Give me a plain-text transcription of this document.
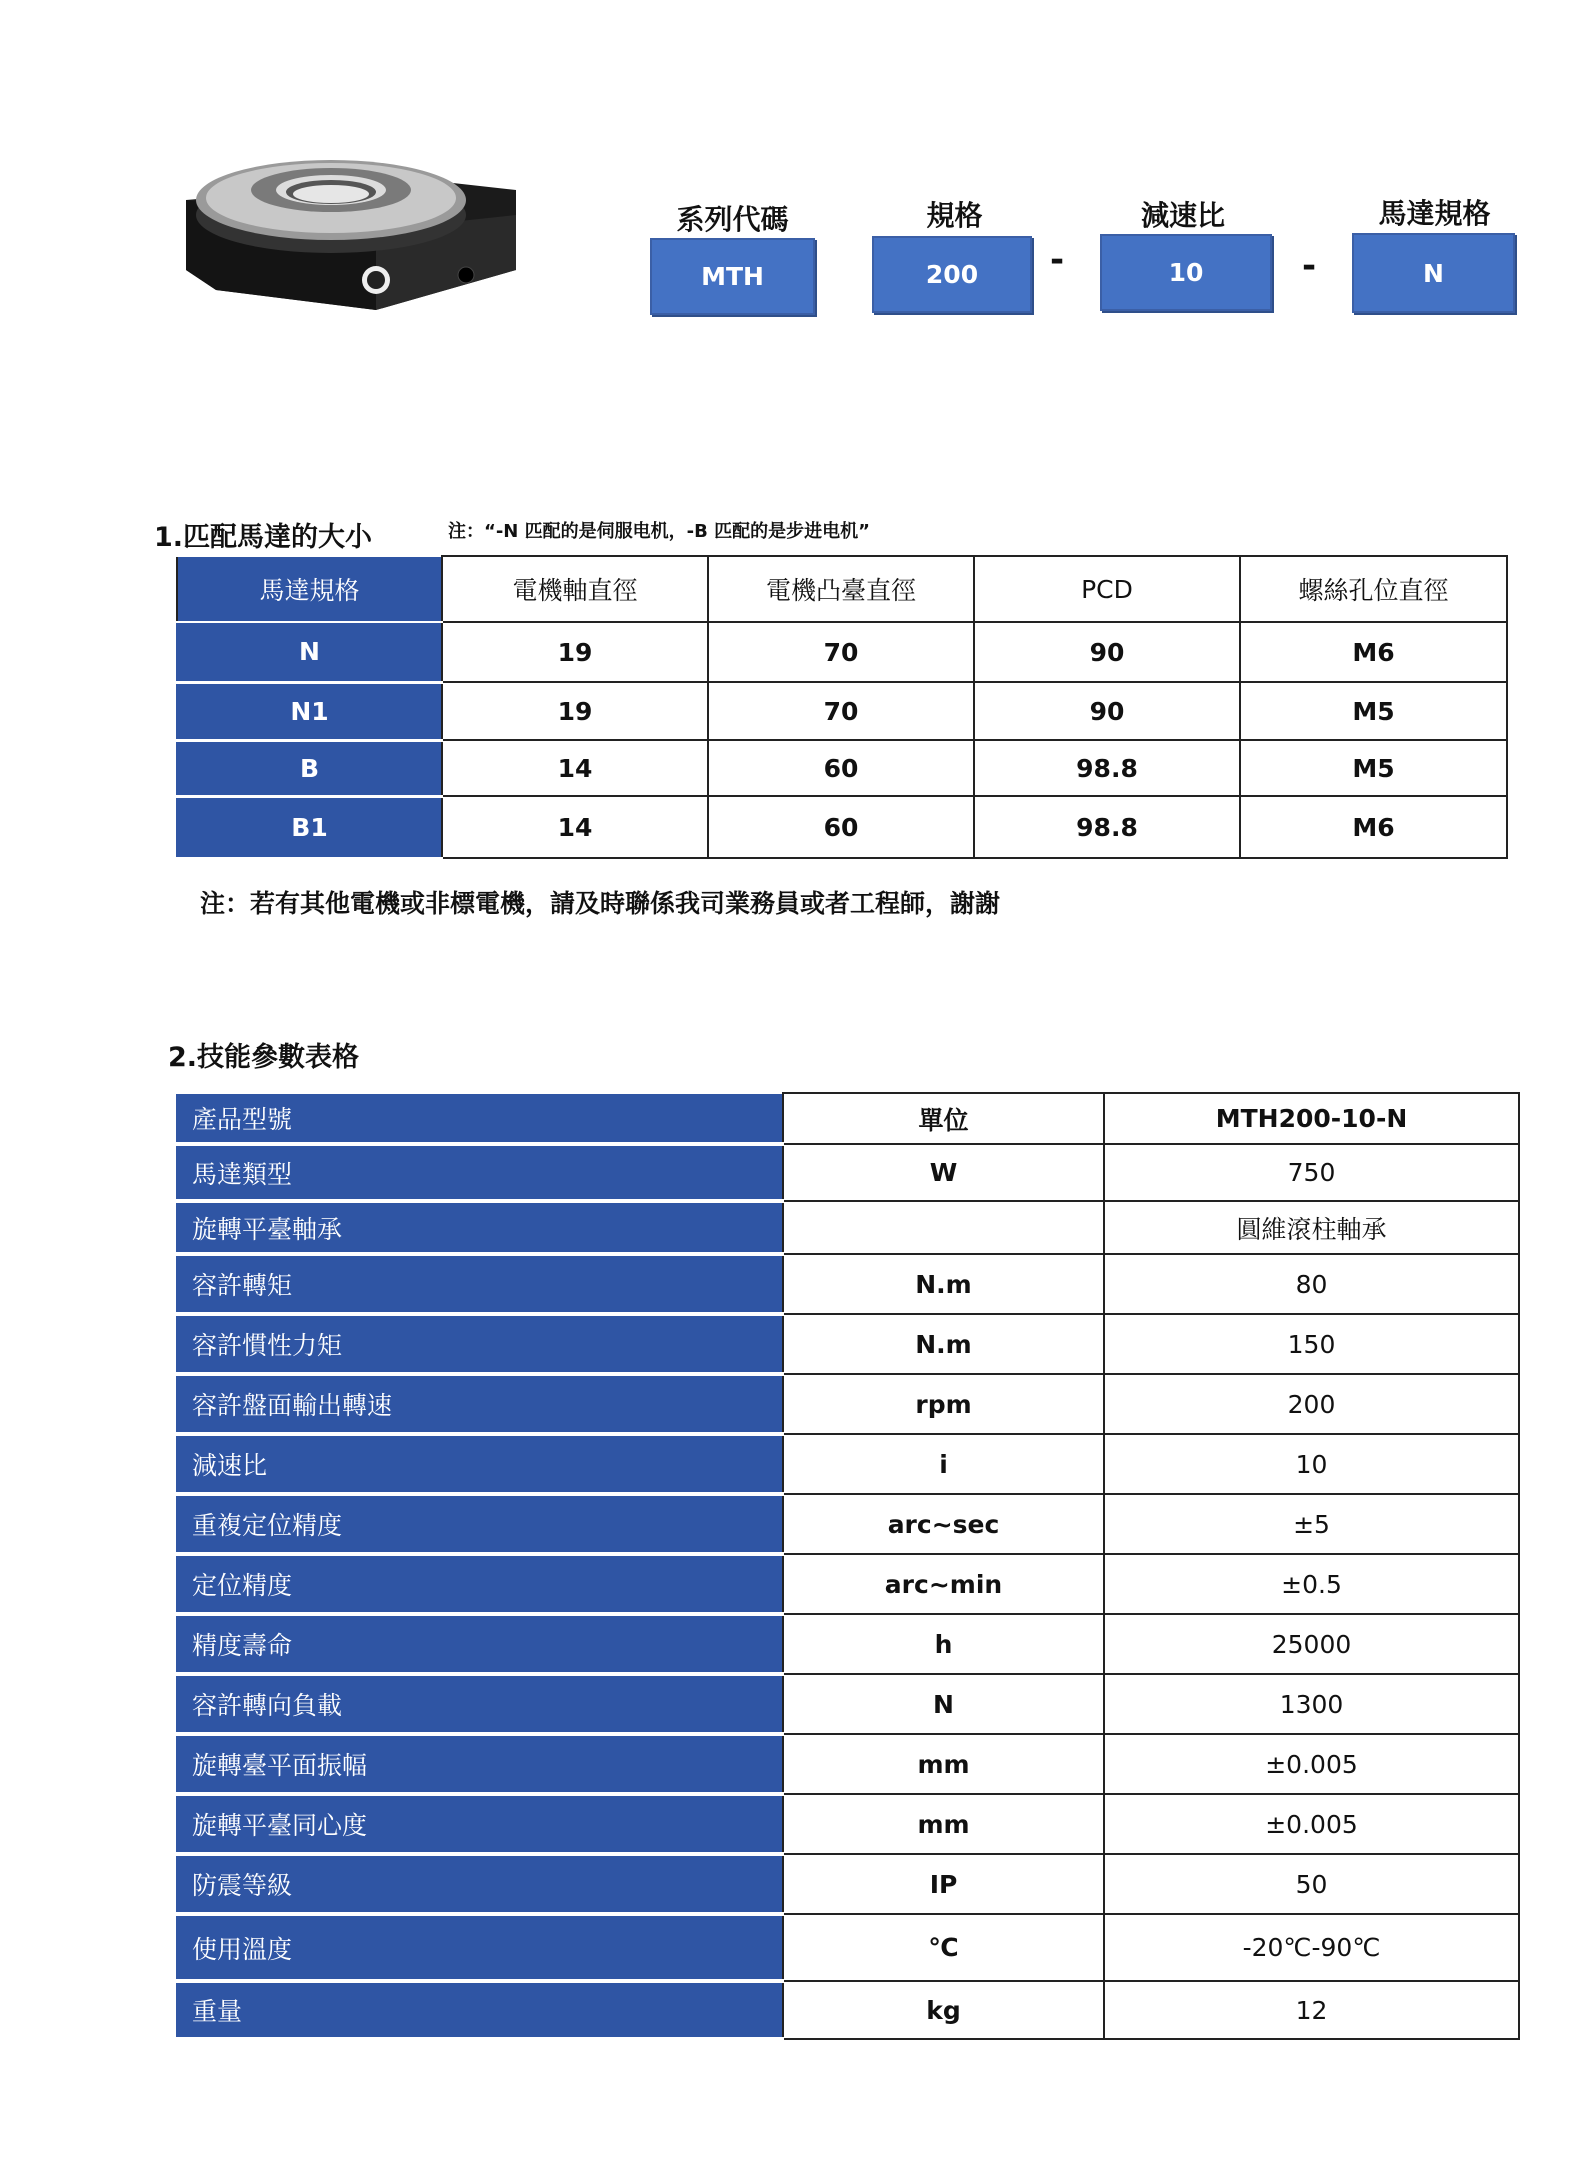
系列代碼	規格	減速比	馬達規格
MTH	200	-	10	-	N
1.匹配馬達的大小	注：“-N 匹配的是伺服电机，-B 匹配的是步进电机”
馬達規格	電機軸直徑	電機凸臺直徑	PCD	螺絲孔位直徑
N	19	70	90	M6
N1	19	70	90	M5
B	14	60	98.8	M5
B1	14	60	98.8	M6
注：若有其他電機或非標電機，請及時聯係我司業務員或者工程師，謝謝
2.技能參數表格
產品型號	單位	MTH200-10-N
馬達類型	W	750
旋轉平臺軸承		圓維滾柱軸承
容許轉矩	N.m	80
容許慣性力矩	N.m	150
容許盤面輸出轉速	rpm	200
減速比	i	10
重複定位精度	arc~sec	±5
定位精度	arc~min	±0.5
精度壽命	h	25000
容許轉向負載	N	1300
旋轉臺平面振幅	mm	±0.005
旋轉平臺同心度	mm	±0.005
防震等級	IP	50
使用溫度	℃	-20℃-90℃
重量	kg	12
